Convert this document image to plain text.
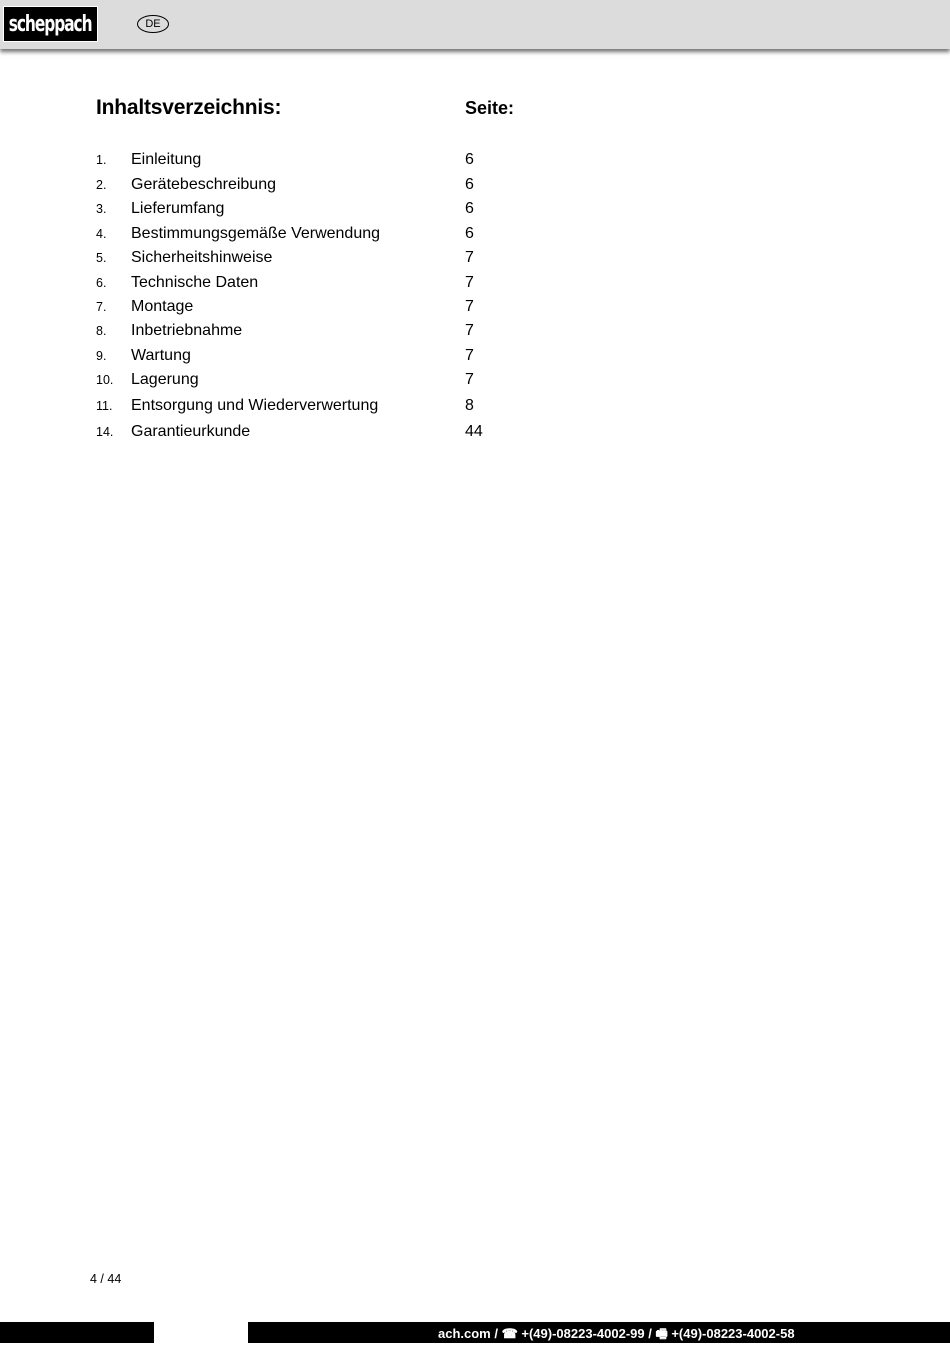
scheppach	DE
Inhaltsverzeichnis:	Seite:
1. Einleitung	6
2. Gerätebeschreibung	6
3. Lieferumfang	6
4. Bestimmungsgemäße Verwendung	6
5. Sicherheitshinweise	7
6. Technische Daten	7
7. Montage	7
8. Inbetriebnahme	7
9. Wartung	7
10. Lagerung	7
11. Entsorgung und Wiederverwertung	8
14. Garantieurkunde	44
4 / 44
ach.com / ☎ +(49)-08223-4002-99 / 🖷 +(49)-08223-4002-58
